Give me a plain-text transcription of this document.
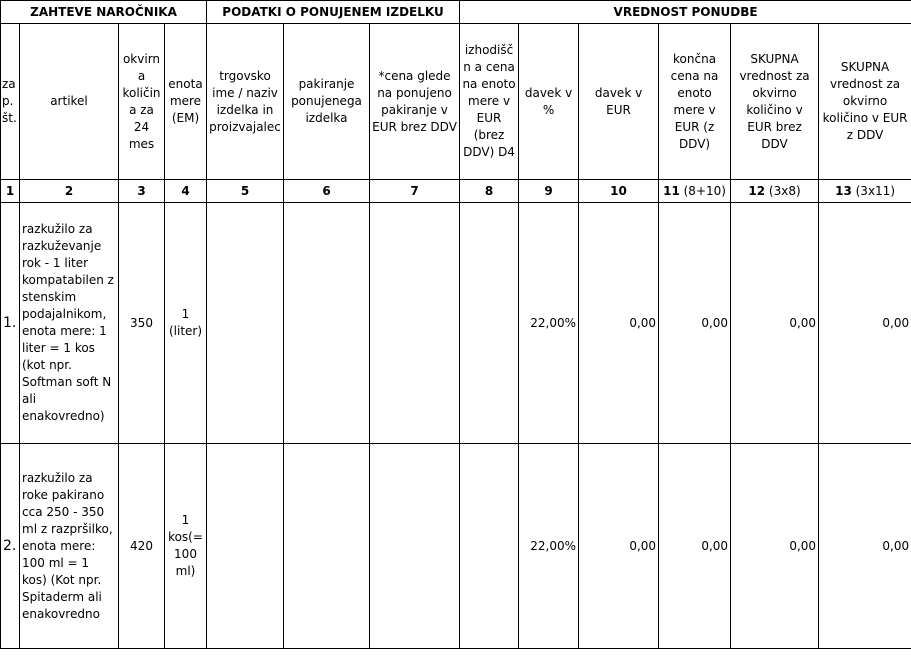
ZAHTEVE NAROČNIKA				PODATKI O PONUJENEM IZDELKU			VREDNOST PONUDBE					
za p. št.	artikel	okvirna količin a za 24 mes	enota mere (EM)	trgovsko ime / naziv izdelka in proizvajalec	pakiranje ponujenega izdelka	*cena glede na ponujeno pakiranje v EUR brez DDV	izhodiščn a cena na enoto mere v EUR (brez DDV) D4	davek v %	davek v EUR	končna cena na enoto mere v EUR (z DDV)	SKUPNA vrednost za okvirno količino v EUR brez DDV	SKUPNA vrednost za okvirno količino v EUR z DDV
1	2	3	4	5	6	7	8	9	10	11 (8+10)	12 (3x8)	13 (3x11)
1.	razkužilo za razkuževanje rok - 1 liter kompatabilen z stenskim podajalnikom, enota mere: 1 liter = 1 kos (kot npr. Softman soft N ali enakovredno)	350	1 (liter)					22,00%	0,00	0,00	0,00	0,00
2.	razkužilo za roke pakirano cca 250 - 350 ml z razpršilko, enota mere: 100 ml = 1 kos) (Kot npr. Spitaderm ali enakovredno	420	1 kos(= 100 ml)					22,00%	0,00	0,00	0,00	0,00
